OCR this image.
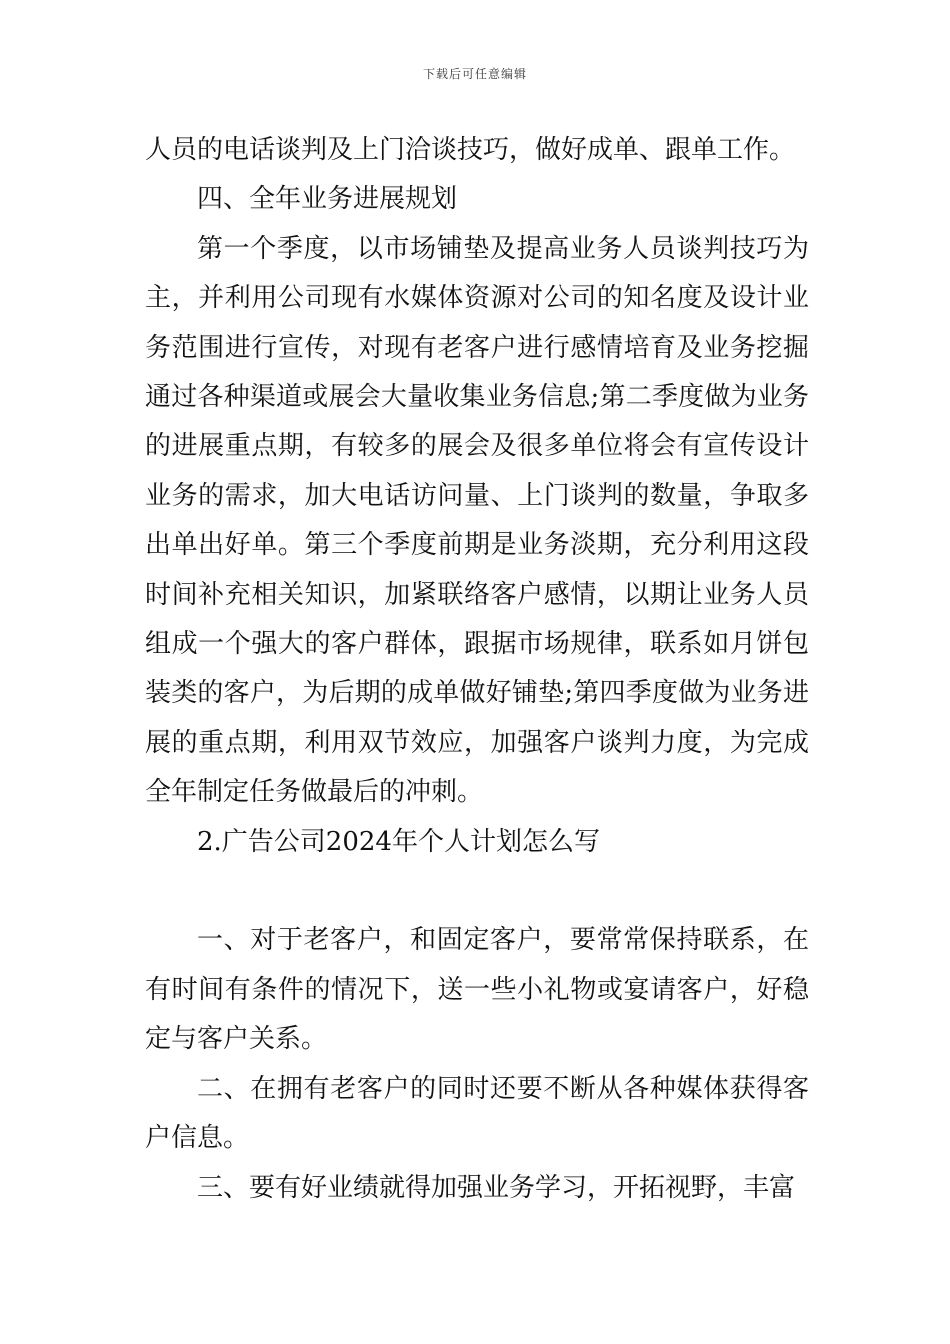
下载后可任意编辑

人员的电话谈判及上门洽谈技巧，做好成单、跟单工作。

四、全年业务进展规划

第一个季度，以市场铺垫及提高业务人员谈判技巧为主，并利用公司现有水媒体资源对公司的知名度及设计业务范围进行宣传，对现有老客户进行感情培育及业务挖掘通过各种渠道或展会大量收集业务信息;第二季度做为业务的进展重点期，有较多的展会及很多单位将会有宣传设计业务的需求，加大电话访问量、上门谈判的数量，争取多出单出好单。第三个季度前期是业务淡期，充分利用这段时间补充相关知识，加紧联络客户感情，以期让业务人员组成一个强大的客户群体，跟据市场规律，联系如月饼包装类的客户，为后期的成单做好铺垫;第四季度做为业务进展的重点期，利用双节效应，加强客户谈判力度，为完成全年制定任务做最后的冲刺。

2.广告公司2024年个人计划怎么写

一、对于老客户，和固定客户，要常常保持联系，在有时间有条件的情况下，送一些小礼物或宴请客户，好稳定与客户关系。

二、在拥有老客户的同时还要不断从各种媒体获得客户信息。

三、要有好业绩就得加强业务学习，开拓视野，丰富
